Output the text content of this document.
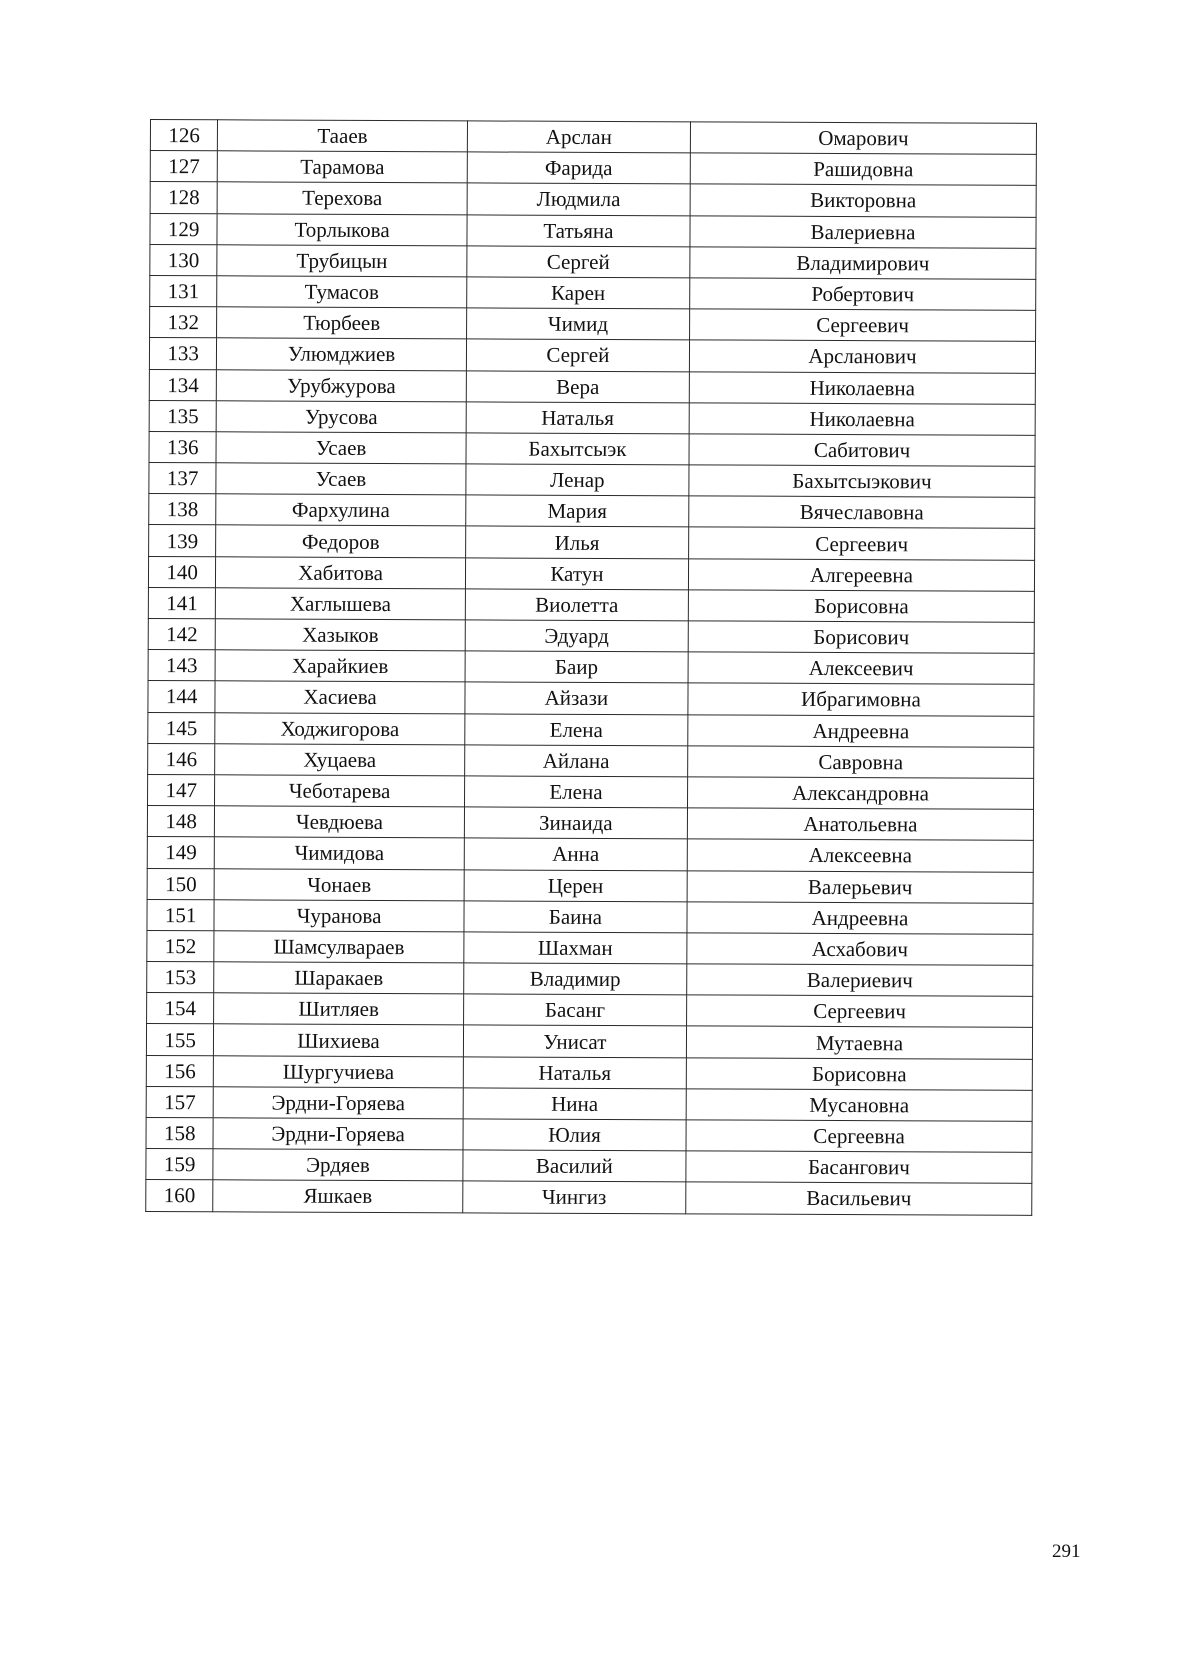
126	Тааев	Арслан	Омарович
127	Тарамова	Фарида	Рашидовна
128	Терехова	Людмила	Викторовна
129	Торлыкова	Татьяна	Валериевна
130	Трубицын	Сергей	Владимирович
131	Тумасов	Карен	Робертович
132	Тюрбеев	Чимид	Сергеевич
133	Улюмджиев	Сергей	Арсланович
134	Урубжурова	Вера	Николаевна
135	Урусова	Наталья	Николаевна
136	Усаев	Бахытсыэк	Сабитович
137	Усаев	Ленар	Бахытсыэкович
138	Фархулина	Мария	Вячеславовна
139	Федоров	Илья	Сергеевич
140	Хабитова	Катун	Алгереевна
141	Хаглышева	Виолетта	Борисовна
142	Хазыков	Эдуард	Борисович
143	Харайкиев	Баир	Алексеевич
144	Хасиева	Айзази	Ибрагимовна
145	Ходжигорова	Елена	Андреевна
146	Хуцаева	Айлана	Савровна
147	Чеботарева	Елена	Александровна
148	Чевдюева	Зинаида	Анатольевна
149	Чимидова	Анна	Алексеевна
150	Чонаев	Церен	Валерьевич
151	Чуранова	Баина	Андреевна
152	Шамсулвараев	Шахман	Асхабович
153	Шаракаев	Владимир	Валериевич
154	Шитляев	Басанг	Сергеевич
155	Шихиева	Унисат	Мутаевна
156	Шургучиева	Наталья	Борисовна
157	Эрдни-Горяева	Нина	Мусановна
158	Эрдни-Горяева	Юлия	Сергеевна
159	Эрдяев	Василий	Басангович
160	Яшкаев	Чингиз	Васильевич
291
